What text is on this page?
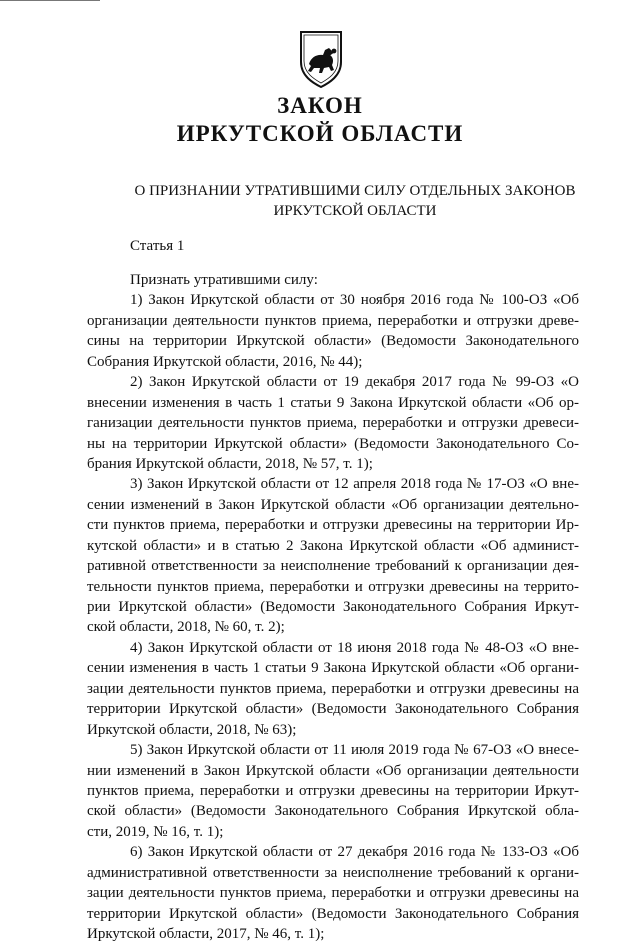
ЗАКОН
ИРКУТСКОЙ ОБЛАСТИ
О ПРИЗНАНИИ УТРАТИВШИМИ СИЛУ ОТДЕЛЬНЫХ ЗАКОНОВ
ИРКУТСКОЙ ОБЛАСТИ
Статья 1
Признать утратившими силу:
1) Закон Иркутской области от 30 ноября 2016 года № 100-ОЗ «Об
организации деятельности пунктов приема, переработки и отгрузки древе-
сины на территории Иркутской области» (Ведомости Законодательного
Собрания Иркутской области, 2016, № 44);
2) Закон Иркутской области от 19 декабря 2017 года № 99-ОЗ «О
внесении изменения в часть 1 статьи 9 Закона Иркутской области «Об ор-
ганизации деятельности пунктов приема, переработки и отгрузки древеси-
ны на территории Иркутской области» (Ведомости Законодательного Со-
брания Иркутской области, 2018, № 57, т. 1);
3) Закон Иркутской области от 12 апреля 2018 года № 17-ОЗ «О вне-
сении изменений в Закон Иркутской области «Об организации деятельно-
сти пунктов приема, переработки и отгрузки древесины на территории Ир-
кутской области» и в статью 2 Закона Иркутской области «Об админист-
ративной ответственности за неисполнение требований к организации дея-
тельности пунктов приема, переработки и отгрузки древесины на террито-
рии Иркутской области» (Ведомости Законодательного Собрания Иркут-
ской области, 2018, № 60, т. 2);
4) Закон Иркутской области от 18 июня 2018 года № 48-ОЗ «О вне-
сении изменения в часть 1 статьи 9 Закона Иркутской области «Об органи-
зации деятельности пунктов приема, переработки и отгрузки древесины на
территории Иркутской области» (Ведомости Законодательного Собрания
Иркутской области, 2018, № 63);
5) Закон Иркутской области от 11 июля 2019 года № 67-ОЗ «О внесе-
нии изменений в Закон Иркутской области «Об организации деятельности
пунктов приема, переработки и отгрузки древесины на территории Иркут-
ской области» (Ведомости Законодательного Собрания Иркутской обла-
сти, 2019, № 16, т. 1);
6) Закон Иркутской области от 27 декабря 2016 года № 133-ОЗ «Об
административной ответственности за неисполнение требований к органи-
зации деятельности пунктов приема, переработки и отгрузки древесины на
территории Иркутской области» (Ведомости Законодательного Собрания
Иркутской области, 2017, № 46, т. 1);
